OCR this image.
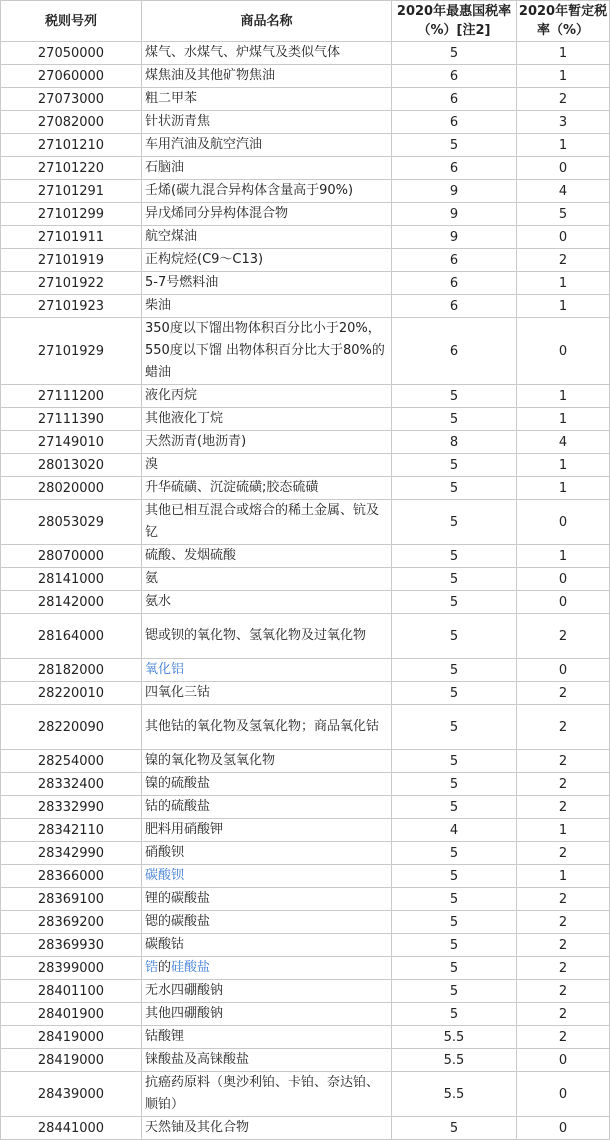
税则号列	商品名称	2020年最惠国税率（%）[注2]	2020年暂定税率（%）
27050000	煤气、水煤气、炉煤气及类似气体	5	1
27060000	煤焦油及其他矿物焦油	6	1
27073000	粗二甲苯	6	2
27082000	针状沥青焦	6	3
27101210	车用汽油及航空汽油	5	1
27101220	石脑油	6	0
27101291	壬烯(碳九混合异构体含量高于90%)	9	4
27101299	异戊烯同分异构体混合物	9	5
27101911	航空煤油	9	0
27101919	正构烷烃(C9～C13)	6	2
27101922	5-7号燃料油	6	1
27101923	柴油	6	1
27101929	350度以下馏出物体积百分比小于20%，550度以下馏 出物体积百分比大于80%的蜡油	6	0
27111200	液化丙烷	5	1
27111390	其他液化丁烷	5	1
27149010	天然沥青(地沥青)	8	4
28013020	溴	5	1
28020000	升华硫磺、沉淀硫磺;胶态硫磺	5	1
28053029	其他已相互混合或熔合的稀土金属、钪及钇	5	0
28070000	硫酸、发烟硫酸	5	1
28141000	氨	5	0
28142000	氨水	5	0
28164000	锶或钡的氧化物、氢氧化物及过氧化物	5	2
28182000	氧化铝	5	0
28220010	四氧化三钴	5	2
28220090	其他钴的氧化物及氢氧化物；商品氧化钴	5	2
28254000	镍的氧化物及氢氧化物	5	2
28332400	镍的硫酸盐	5	2
28332990	钴的硫酸盐	5	2
28342110	肥料用硝酸钾	4	1
28342990	硝酸钡	5	2
28366000	碳酸钡	5	1
28369100	锂的碳酸盐	5	2
28369200	锶的碳酸盐	5	2
28369930	碳酸钴	5	2
28399000	锆的硅酸盐	5	2
28401100	无水四硼酸钠	5	2
28401900	其他四硼酸钠	5	2
28419000	钴酸锂	5.5	2
28419000	铼酸盐及高铼酸盐	5.5	0
28439000	抗癌药原料（奥沙利铂、卡铂、奈达铂、顺铂）	5.5	0
28441000	天然铀及其化合物	5	0
